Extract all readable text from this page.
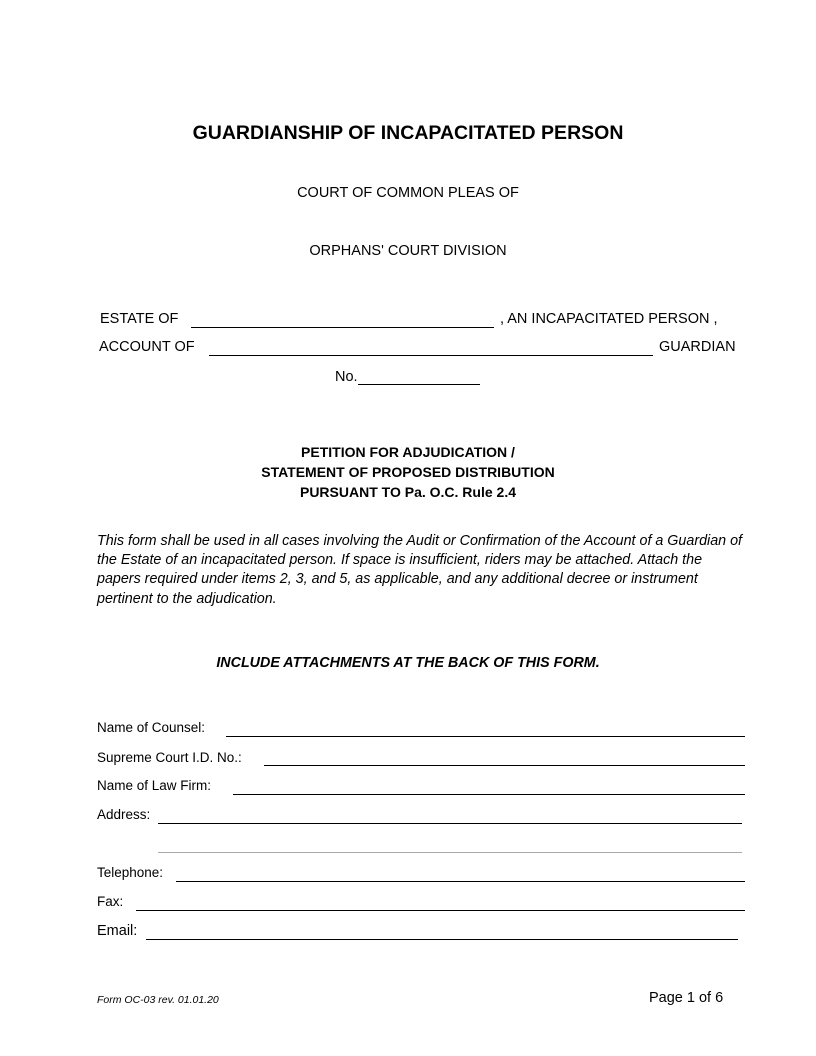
GUARDIANSHIP OF INCAPACITATED PERSON
COURT OF COMMON PLEAS OF
ORPHANS' COURT DIVISION
ESTATE OF	, AN INCAPACITATED PERSON ,
ACCOUNT OF	GUARDIAN
No.
PETITION FOR ADJUDICATION /
STATEMENT OF PROPOSED DISTRIBUTION
PURSUANT TO Pa. O.C. Rule 2.4
This form shall be used in all cases involving the Audit or Confirmation of the Account of a Guardian of the Estate of an incapacitated person. If space is insufficient, riders may be attached. Attach the papers required under items 2, 3, and 5, as applicable, and any additional decree or instrument pertinent to the adjudication.
INCLUDE ATTACHMENTS AT THE BACK OF THIS FORM.
Name of Counsel:
Supreme Court I.D. No.:
Name of Law Firm:
Address:
Telephone:
Fax:
Email:
Form OC-03 rev. 01.01.20	Page 1 of 6
